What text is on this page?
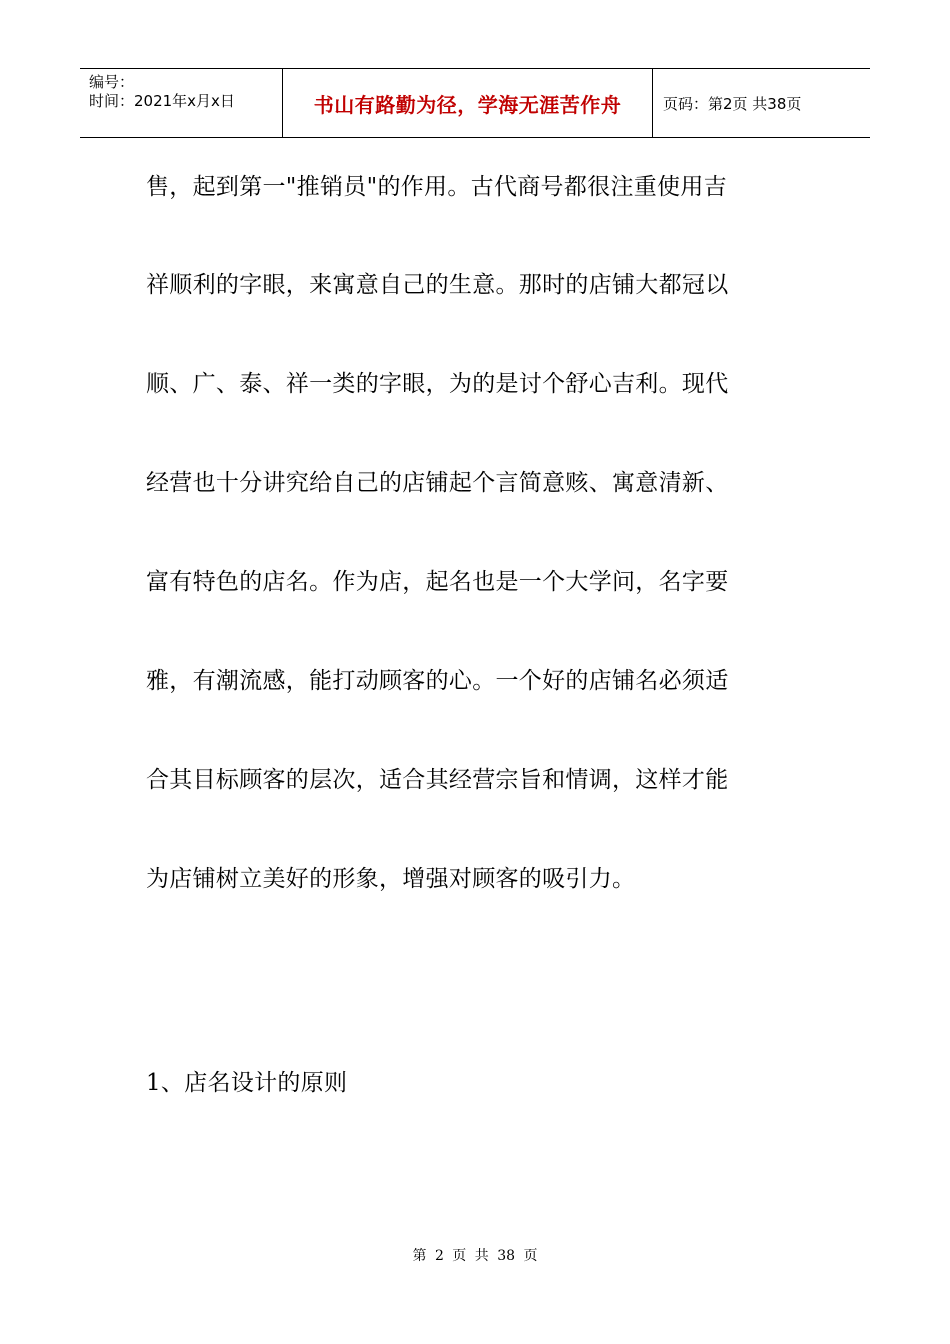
编号：
时间：2021年x月x日	书山有路勤为径，学海无涯苦作舟	页码：第2页 共38页
售，起到第一"推销员"的作用。古代商号都很注重使用吉
祥顺利的字眼，来寓意自己的生意。那时的店铺大都冠以
顺、广、泰、祥一类的字眼，为的是讨个舒心吉利。现代
经营也十分讲究给自己的店铺起个言简意赅、寓意清新、
富有特色的店名。作为店，起名也是一个大学问，名字要
雅，有潮流感，能打动顾客的心。一个好的店铺名必须适
合其目标顾客的层次，适合其经营宗旨和情调，这样才能
为店铺树立美好的形象，增强对顾客的吸引力。
1、店名设计的原则
第 2 页 共 38 页
